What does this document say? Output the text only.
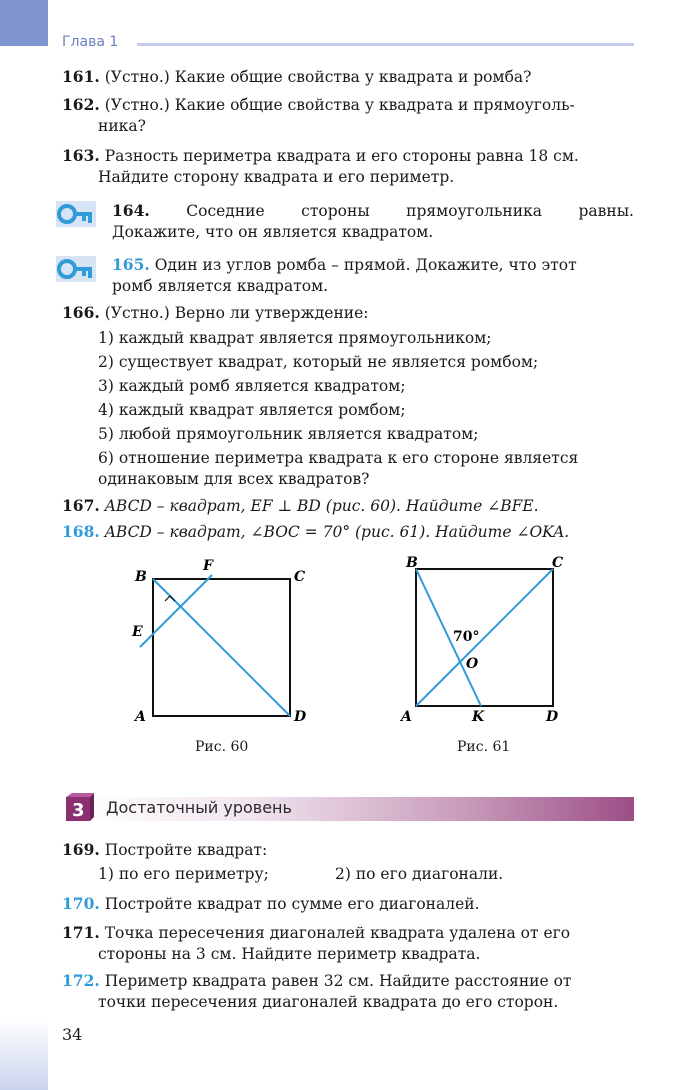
Глава 1
161. (Устно.) Какие общие свойства у квадрата и ромба?
162. (Устно.) Какие общие свойства у квадрата и прямоуголь-
ника?
163. Разность периметра квадрата и его стороны равна 18 см.
Найдите сторону квадрата и его периметр.
164. Соседние стороны прямоугольника равны.
Докажите, что он является квадратом.
165. Один из углов ромба – прямой. Докажите, что этот
ромб является квадратом.
166. (Устно.) Верно ли утверждение:
1) каждый квадрат является прямоугольником;
2) существует квадрат, который не является ромбом;
3) каждый ромб является квадратом;
4) каждый квадрат является ромбом;
5) любой прямоугольник является квадратом;
6) отношение периметра квадрата к его стороне является
одинаковым для всех квадратов?
167. ABCD – квадрат, EF ⊥ BD (рис. 60). Найдите ∠BFE.
168. ABCD – квадрат, ∠BOC = 70° (рис. 61). Найдите ∠OKA.
B	C
A	D
E
F
Рис. 60
B	C
A	K	D
O
70°
Рис. 61
3 Достаточный уровень
169. Постройте квадрат:
1) по его периметру;	2) по его диагонали.
170. Постройте квадрат по сумме его диагоналей.
171. Точка пересечения диагоналей квадрата удалена от его
стороны на 3 см. Найдите периметр квадрата.
172. Периметр квадрата равен 32 см. Найдите расстояние от
точки пересечения диагоналей квадрата до его сторон.
34
